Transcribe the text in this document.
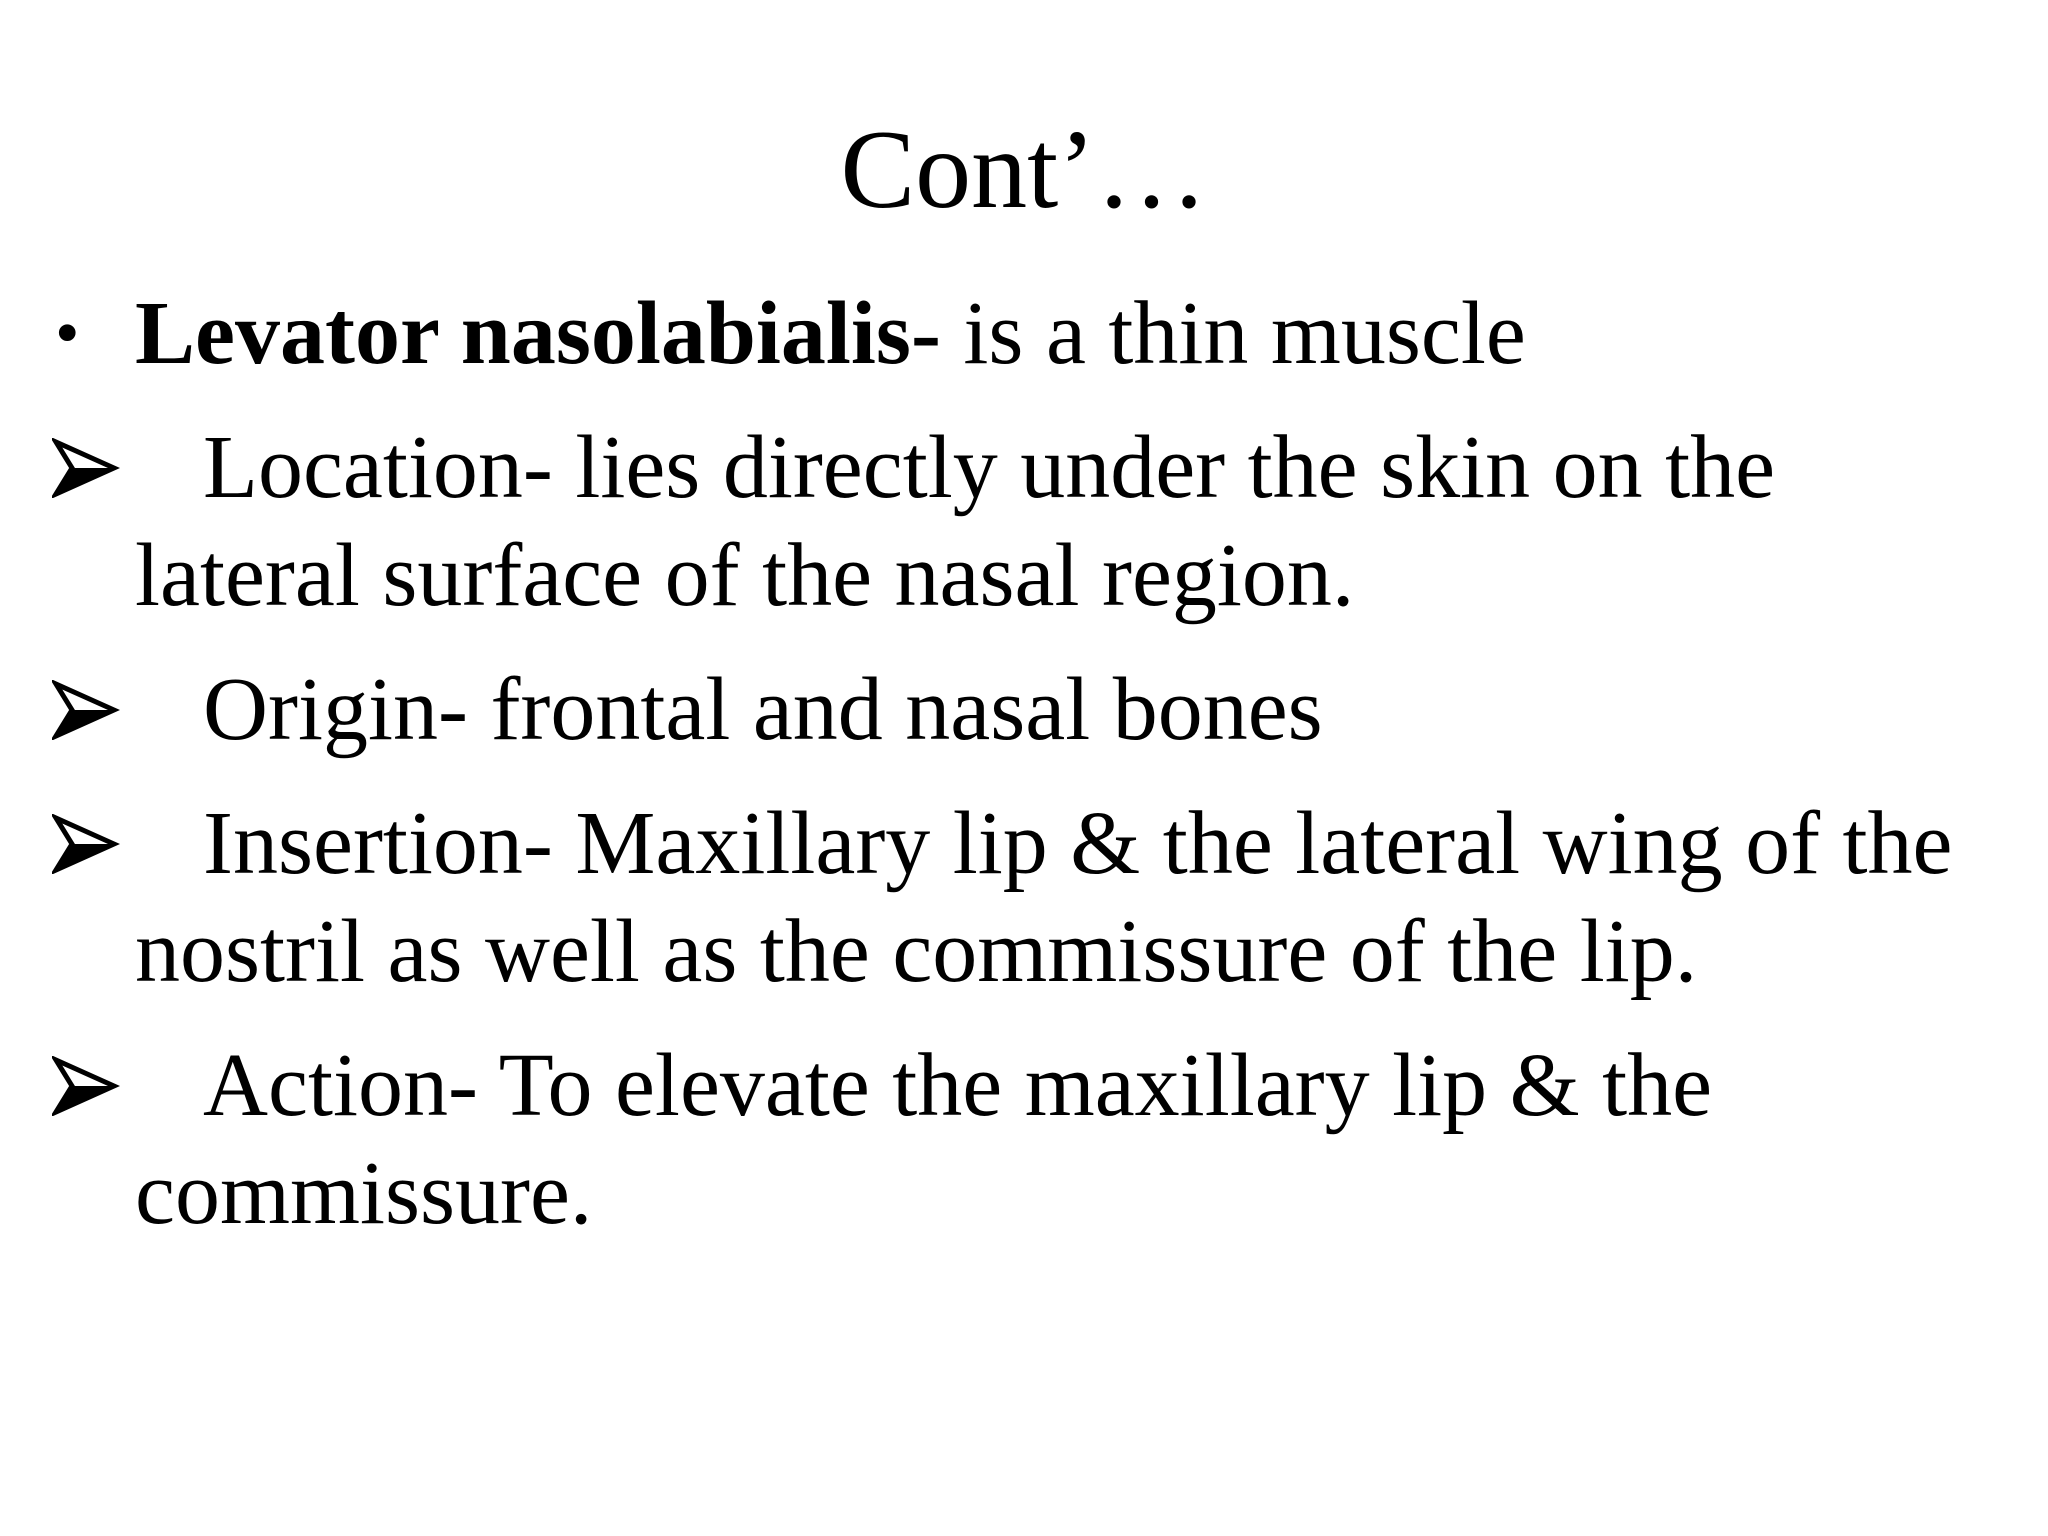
Cont’…
• Levator nasolabialis- is a thin muscle
Location- lies directly under the skin on the lateral surface of the nasal region.
Origin- frontal and nasal bones
Insertion- Maxillary lip & the lateral wing of the nostril as well as the commissure of the lip.
Action- To elevate the maxillary lip & the commissure.
